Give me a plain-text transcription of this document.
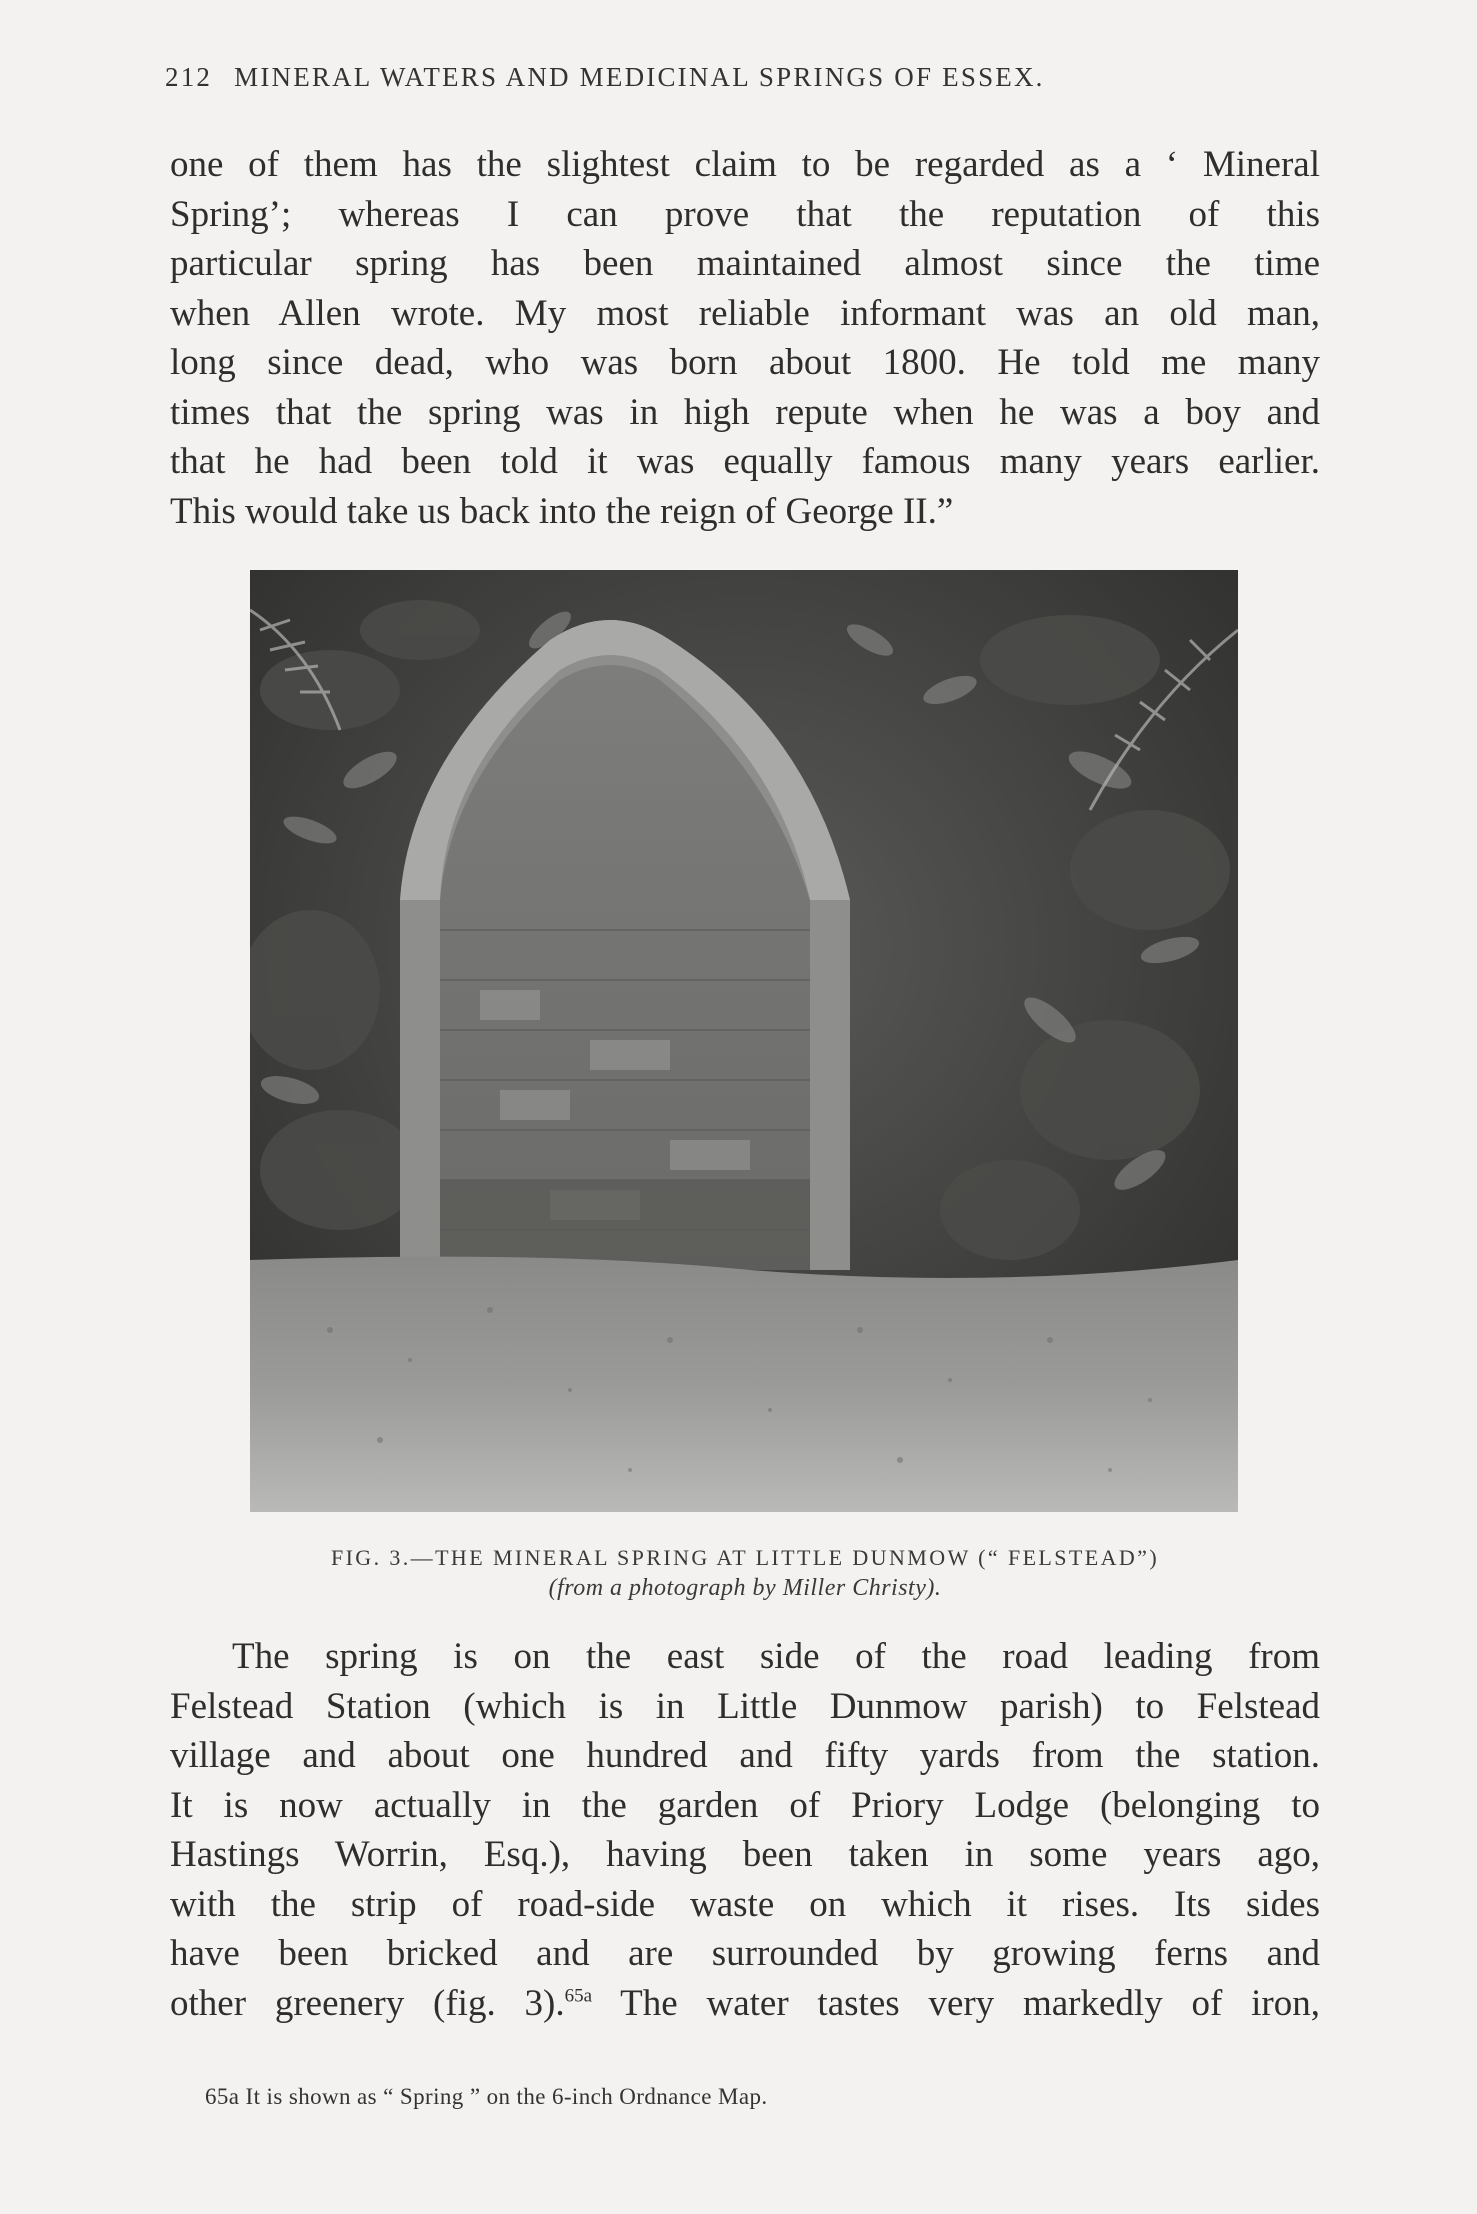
212 MINERAL WATERS AND MEDICINAL SPRINGS OF ESSEX.
one of them has the slightest claim to be regarded as a ‘ Mineral
Spring’; whereas I can prove that the reputation of this
particular spring has been maintained almost since the time
when Allen wrote. My most reliable informant was an old man,
long since dead, who was born about 1800. He told me many
times that the spring was in high repute when he was a boy and
that he had been told it was equally famous many years earlier.
This would take us back into the reign of George II.”
FIG. 3.—THE MINERAL SPRING AT LITTLE DUNMOW (“ FELSTEAD”)
(from a photograph by Miller Christy).
The spring is on the east side of the road leading from
Felstead Station (which is in Little Dunmow parish) to Felstead
village and about one hundred and fifty yards from the station.
It is now actually in the garden of Priory Lodge (belonging to
Hastings Worrin, Esq.), having been taken in some years ago,
with the strip of road-side waste on which it rises. Its sides
have been bricked and are surrounded by growing ferns and
other greenery (fig. 3).$^{65a}$ The water tastes very markedly of iron,
65a It is shown as “ Spring ” on the 6-inch Ordnance Map.
